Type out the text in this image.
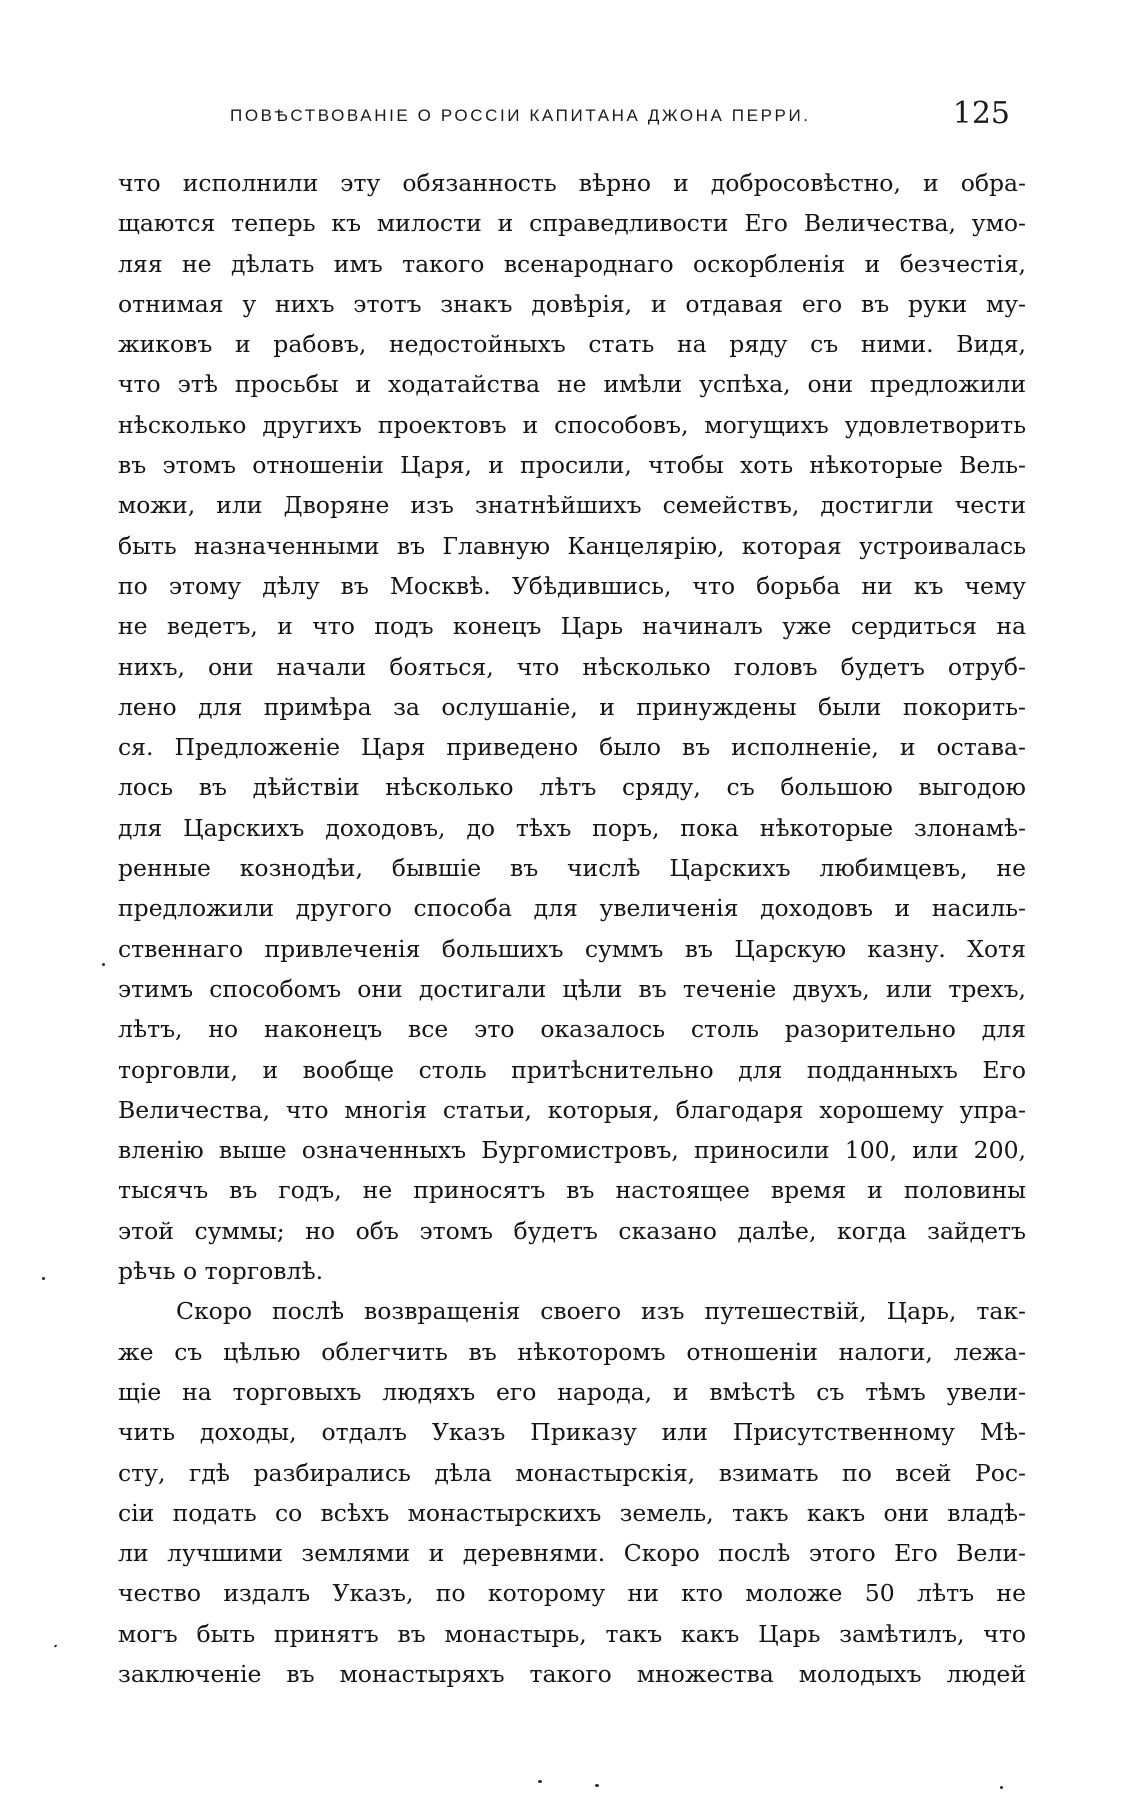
ПОВѢСТВОВАНІЕ О РОССІИ КАПИТАНА ДЖОНА ПЕРРИ.	125
что исполнили эту обязанность вѣрно и добросовѣстно, и обра-
щаются теперь къ милости и справедливости Его Величества, умо-
ляя не дѣлать имъ такого всенароднаго оскорбленія и безчестія,
отнимая у нихъ этотъ знакъ довѣрія, и отдавая его въ руки му-
жиковъ и рабовъ, недостойныхъ стать на ряду съ ними. Видя,
что этѣ просьбы и ходатайства не имѣли успѣха, они предложили
нѣсколько другихъ проектовъ и способовъ, могущихъ удовлетворить
въ этомъ отношеніи Царя, и просили, чтобы хоть нѣкоторые Вель-
можи, или Дворяне изъ знатнѣйшихъ семействъ, достигли чести
быть назначенными въ Главную Канцелярію, которая устроивалась
по этому дѣлу въ Москвѣ. Убѣдившись, что борьба ни къ чему
не ведетъ, и что подъ конецъ Царь начиналъ уже сердиться на
нихъ, они начали бояться, что нѣсколько головъ будетъ отруб-
лено для примѣра за ослушаніе, и принуждены были покорить-
ся. Предложеніе Царя приведено было въ исполненіе, и остава-
лось въ дѣйствіи нѣсколько лѣтъ сряду, съ большою выгодою
для Царскихъ доходовъ, до тѣхъ поръ, пока нѣкоторые злонамѣ-
ренные кознодѣи, бывшіе въ числѣ Царскихъ любимцевъ, не
предложили другого способа для увеличенія доходовъ и насиль-
ственнаго привлеченія большихъ суммъ въ Царскую казну. Хотя
этимъ способомъ они достигали цѣли въ теченіе двухъ, или трехъ,
лѣтъ, но наконецъ все это оказалось столь разорительно для
торговли, и вообще столь притѣснительно для подданныхъ Его
Величества, что многія статьи, которыя, благодаря хорошему упра-
вленію выше означенныхъ Бургомистровъ, приносили 100, или 200,
тысячъ въ годъ, не приносятъ въ настоящее время и половины
этой суммы; но объ этомъ будетъ сказано далѣе, когда зайдетъ
рѣчь о торговлѣ.
Скоро послѣ возвращенія своего изъ путешествій, Царь, так-
же съ цѣлью облегчить въ нѣкоторомъ отношеніи налоги, лежа-
щіе на торговыхъ людяхъ его народа, и вмѣстѣ съ тѣмъ увели-
чить доходы, отдалъ Указъ Приказу или Присутственному Мѣ-
сту, гдѣ разбирались дѣла монастырскія, взимать по всей Рос-
сіи подать со всѣхъ монастырскихъ земель, такъ какъ они владѣ-
ли лучшими землями и деревнями. Скоро послѣ этого Его Вели-
чество издалъ Указъ, по которому ни кто моложе 50 лѣтъ не
могъ быть принятъ въ монастырь, такъ какъ Царь замѣтилъ, что
заключеніе въ монастыряхъ такого множества молодыхъ людей
